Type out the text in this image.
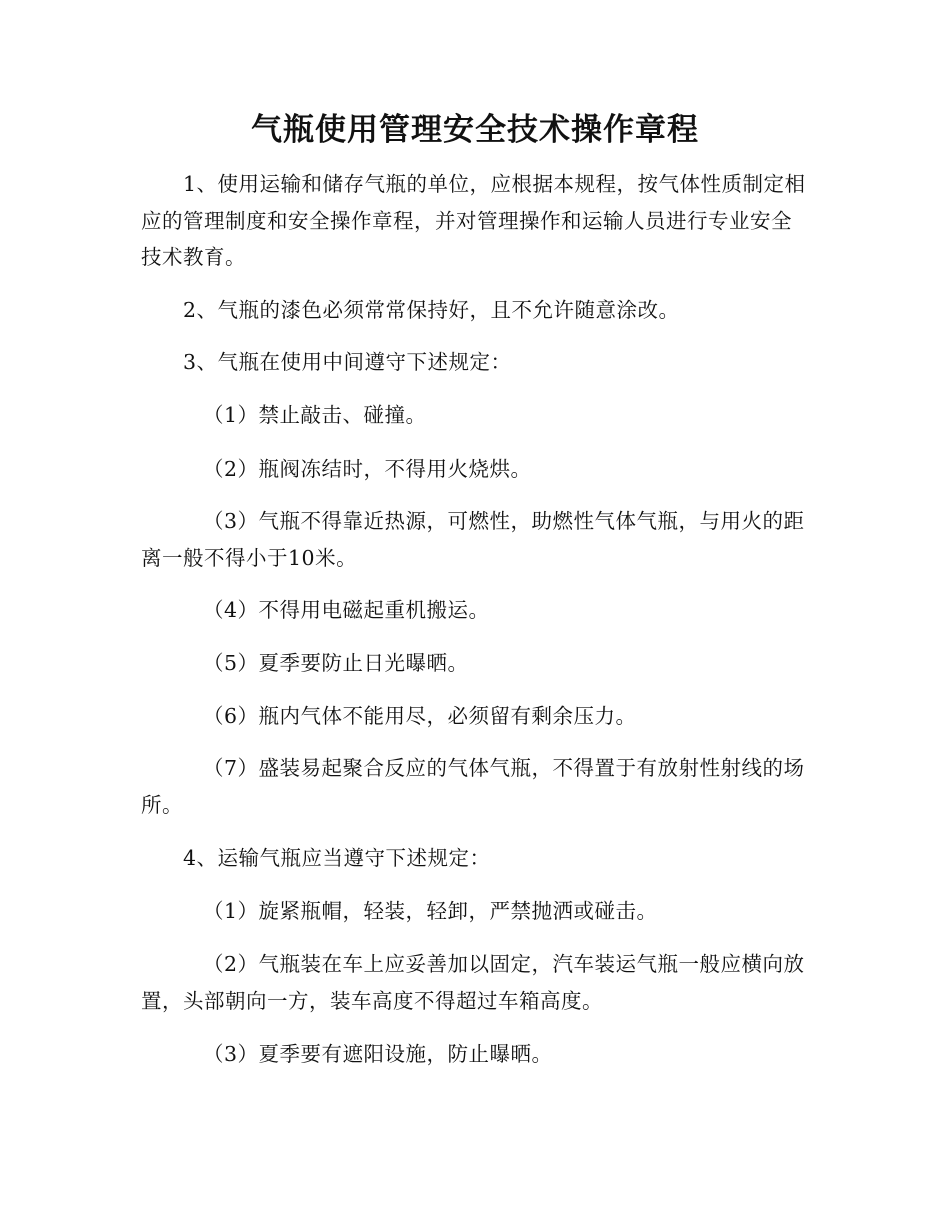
气瓶使用管理安全技术操作章程

1、使用运输和储存气瓶的单位，应根据本规程，按气体性质制定相应的管理制度和安全操作章程，并对管理操作和运输人员进行专业安全技术教育。

2、气瓶的漆色必须常常保持好，且不允许随意涂改。

3、气瓶在使用中间遵守下述规定：

（1）禁止敲击、碰撞。

（2）瓶阀冻结时，不得用火烧烘。

（3）气瓶不得靠近热源，可燃性，助燃性气体气瓶，与用火的距离一般不得小于10米。

（4）不得用电磁起重机搬运。

（5）夏季要防止日光曝晒。

（6）瓶内气体不能用尽，必须留有剩余压力。

（7）盛装易起聚合反应的气体气瓶，不得置于有放射性射线的场所。

4、运输气瓶应当遵守下述规定：

（1）旋紧瓶帽，轻装，轻卸，严禁抛洒或碰击。

（2）气瓶装在车上应妥善加以固定，汽车装运气瓶一般应横向放置，头部朝向一方，装车高度不得超过车箱高度。

（3）夏季要有遮阳设施，防止曝晒。
